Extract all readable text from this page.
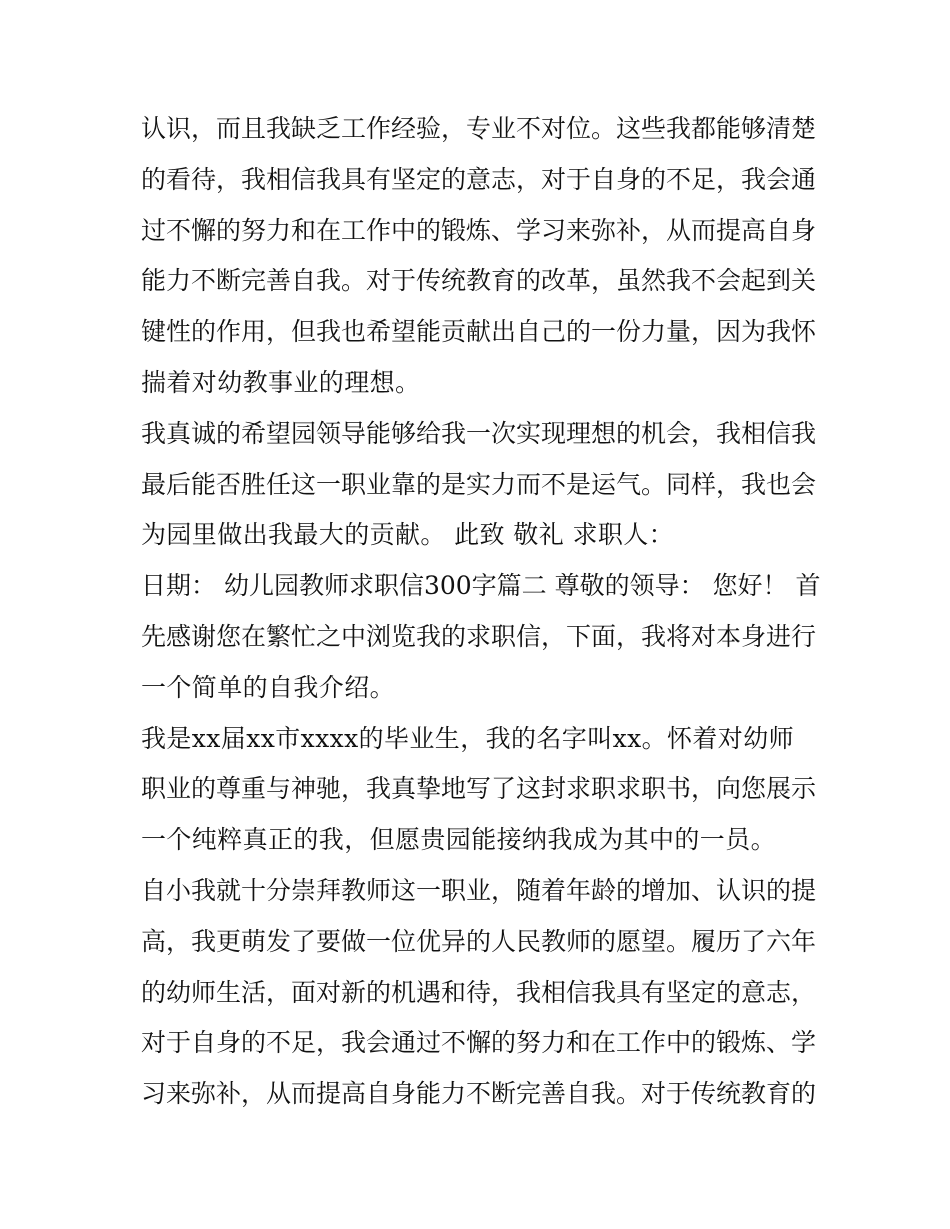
认识，而且我缺乏工作经验，专业不对位。这些我都能够清楚
的看待，我相信我具有坚定的意志，对于自身的不足，我会通
过不懈的努力和在工作中的锻炼、学习来弥补，从而提高自身
能力不断完善自我。对于传统教育的改革，虽然我不会起到关
键性的作用，但我也希望能贡献出自己的一份力量，因为我怀
揣着对幼教事业的理想。
我真诚的希望园领导能够给我一次实现理想的机会，我相信我
最后能否胜任这一职业靠的是实力而不是运气。同样，我也会
为园里做出我最大的贡献。 此致 敬礼 求职人：
日期： 幼儿园教师求职信300字篇二 尊敬的领导： 您好！ 首
先感谢您在繁忙之中浏览我的求职信，下面，我将对本身进行
一个简单的自我介绍。
我是xx届xx市xxxx的毕业生，我的名字叫xx。怀着对幼师
职业的尊重与神驰，我真挚地写了这封求职求职书，向您展示
一个纯粹真正的我，但愿贵园能接纳我成为其中的一员。
自小我就十分崇拜教师这一职业，随着年龄的增加、认识的提
高，我更萌发了要做一位优异的人民教师的愿望。履历了六年
的幼师生活，面对新的机遇和待，我相信我具有坚定的意志，
对于自身的不足，我会通过不懈的努力和在工作中的锻炼、学
习来弥补，从而提高自身能力不断完善自我。对于传统教育的
